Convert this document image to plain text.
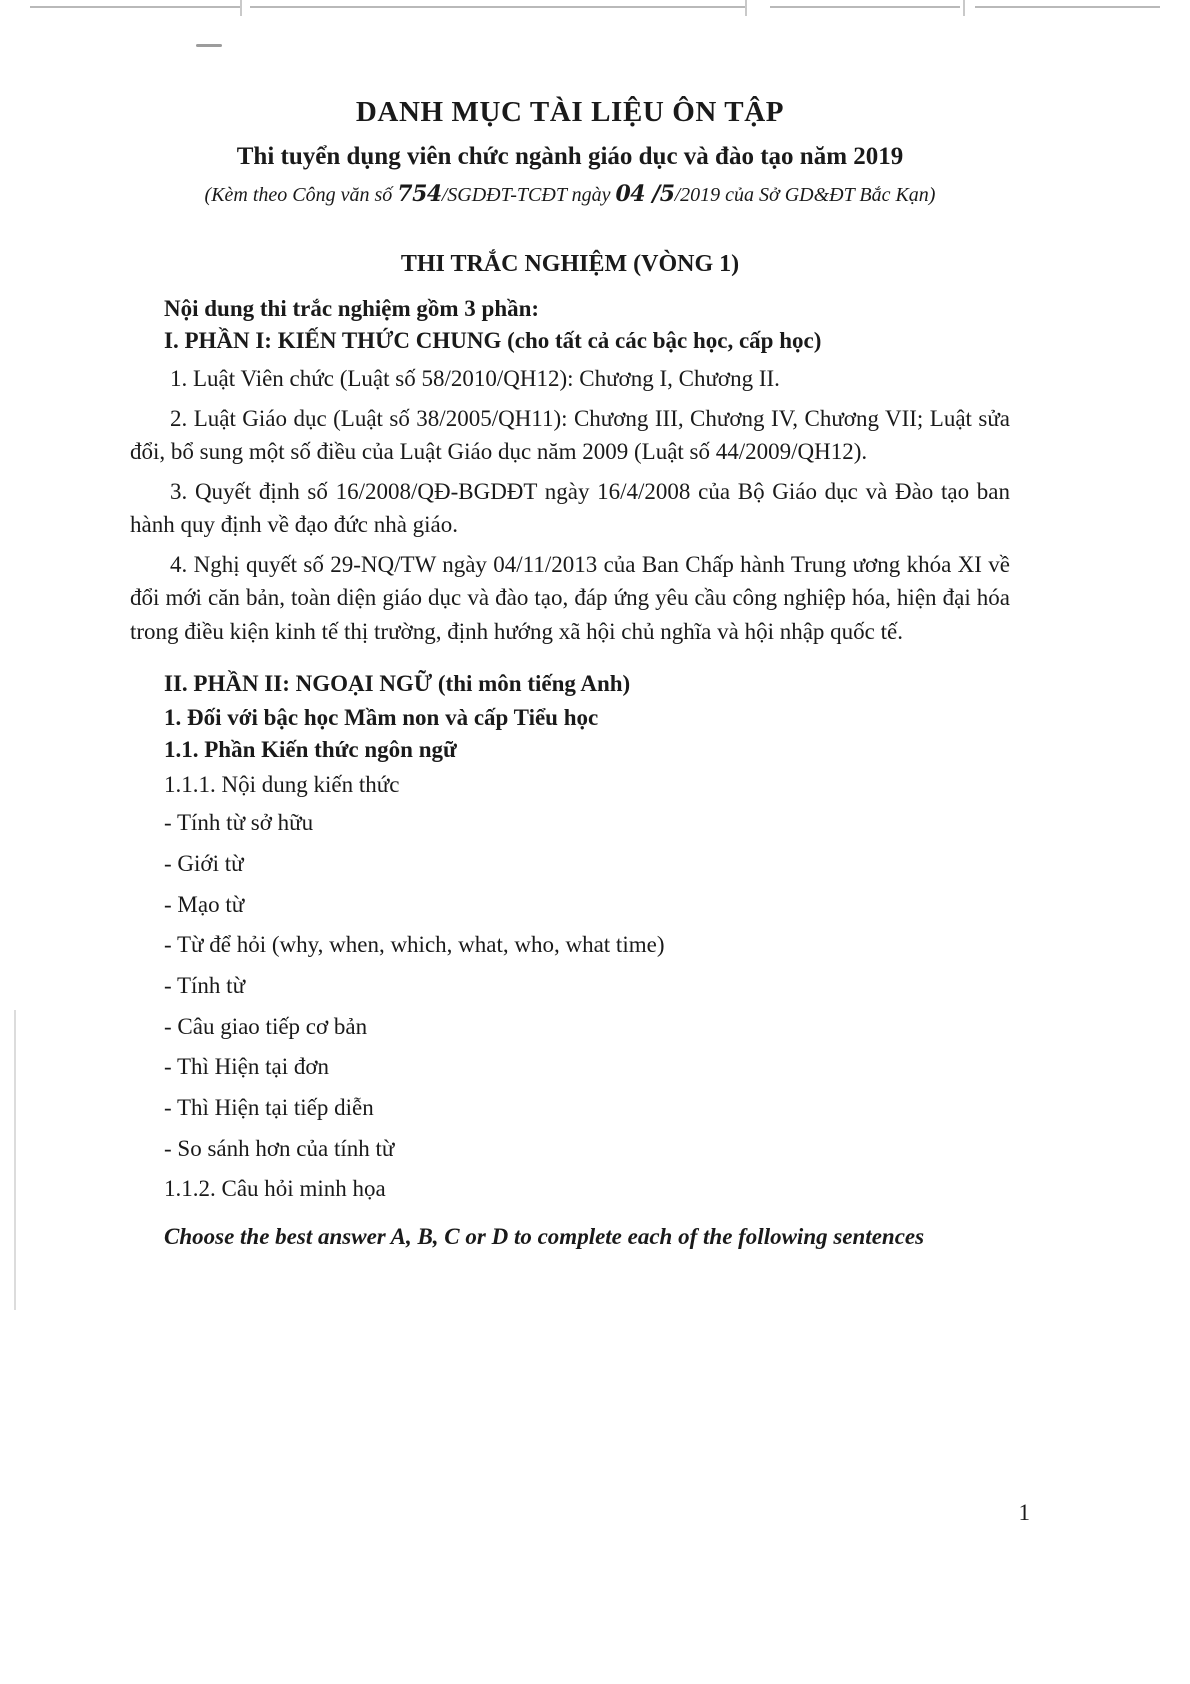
DANH MỤC TÀI LIỆU ÔN TẬP
Thi tuyển dụng viên chức ngành giáo dục và đào tạo năm 2019

(Kèm theo Công văn số 754/SGDĐT-TCĐT ngày 04 /5/2019 của Sở GD&ĐT Bắc Kạn)

THI TRẮC NGHIỆM (VÒNG 1)

Nội dung thi trắc nghiệm gồm 3 phần:

I. PHẦN I: KIẾN THỨC CHUNG (cho tất cả các bậc học, cấp học)

1. Luật Viên chức (Luật số 58/2010/QH12): Chương I, Chương II.

2. Luật Giáo dục (Luật số 38/2005/QH11): Chương III, Chương IV, Chương VII; Luật sửa đổi, bổ sung một số điều của Luật Giáo dục năm 2009 (Luật số 44/2009/QH12).

3. Quyết định số 16/2008/QĐ-BGDĐT ngày 16/4/2008 của Bộ Giáo dục và Đào tạo ban hành quy định về đạo đức nhà giáo.

4. Nghị quyết số 29-NQ/TW ngày 04/11/2013 của Ban Chấp hành Trung ương khóa XI về đổi mới căn bản, toàn diện giáo dục và đào tạo, đáp ứng yêu cầu công nghiệp hóa, hiện đại hóa trong điều kiện kinh tế thị trường, định hướng xã hội chủ nghĩa và hội nhập quốc tế.

II. PHẦN II: NGOẠI NGỮ (thi môn tiếng Anh)

1. Đối với bậc học Mầm non và cấp Tiểu học

1.1. Phần Kiến thức ngôn ngữ

1.1.1. Nội dung kiến thức

- Tính từ sở hữu

- Giới từ

- Mạo từ

- Từ để hỏi (why, when, which, what, who, what time)

- Tính từ

- Câu giao tiếp cơ bản

- Thì Hiện tại đơn

- Thì Hiện tại tiếp diễn

- So sánh hơn của tính từ

1.1.2. Câu hỏi minh họa

Choose the best answer A, B, C or D to complete each of the following sentences

1
